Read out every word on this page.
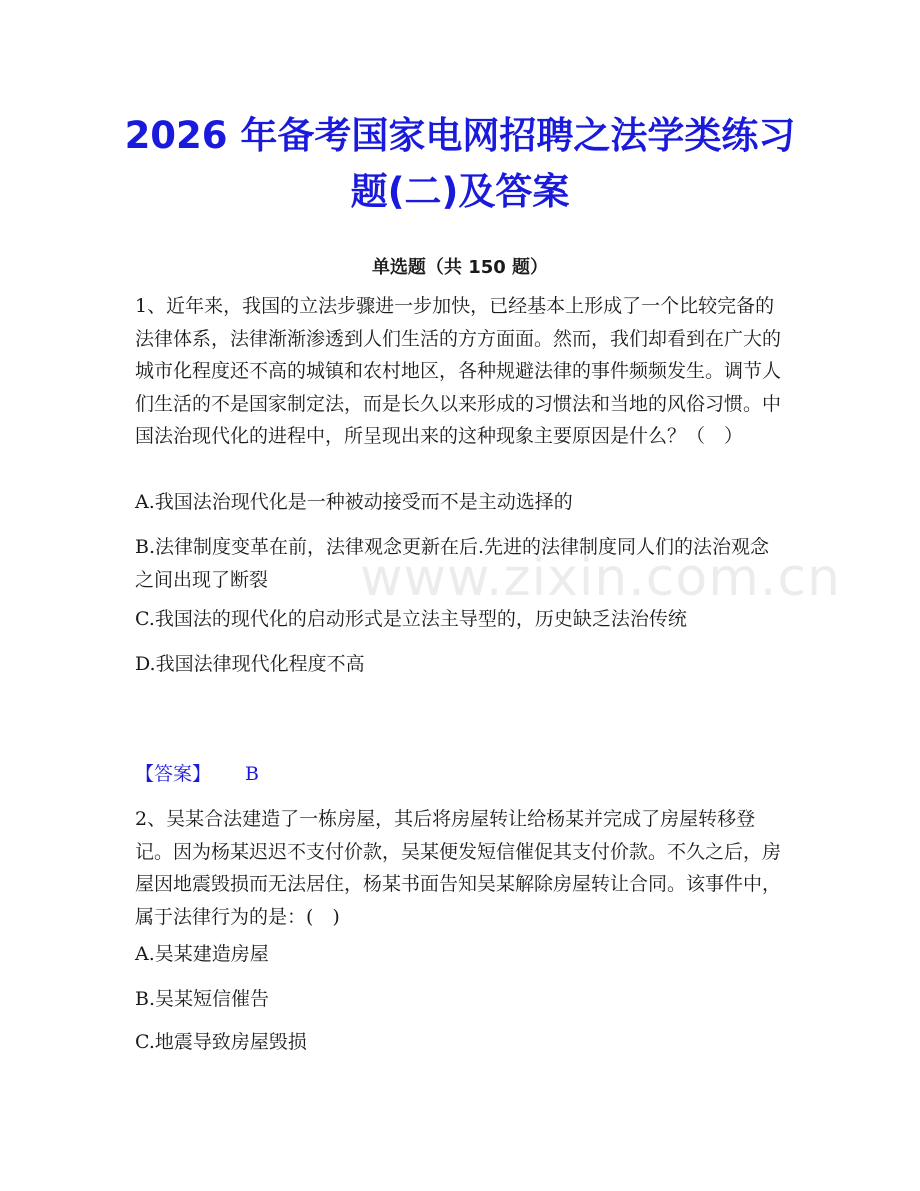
2026 年备考国家电网招聘之法学类练习题(二)及答案
单选题（共 150 题）

1、近年来，我国的立法步骤进一步加快，已经基本上形成了一个比较完备的法律体系，法律渐渐渗透到人们生活的方方面面。然而，我们却看到在广大的城市化程度还不高的城镇和农村地区，各种规避法律的事件频频发生。调节人们生活的不是国家制定法，而是长久以来形成的习惯法和当地的风俗习惯。中国法治现代化的进程中，所呈现出来的这种现象主要原因是什么？（　）

A.我国法治现代化是一种被动接受而不是主动选择的

B.法律制度变革在前，法律观念更新在后.先进的法律制度同人们的法治观念之间出现了断裂

C.我国法的现代化的启动形式是立法主导型的，历史缺乏法治传统

D.我国法律现代化程度不高

【答案】 B

2、吴某合法建造了一栋房屋，其后将房屋转让给杨某并完成了房屋转移登记。因为杨某迟迟不支付价款，吴某便发短信催促其支付价款。不久之后，房屋因地震毁损而无法居住，杨某书面告知吴某解除房屋转让合同。该事件中，属于法律行为的是：(　)

A.吴某建造房屋

B.吴某短信催告

C.地震导致房屋毁损

www.zixin.com.cn
